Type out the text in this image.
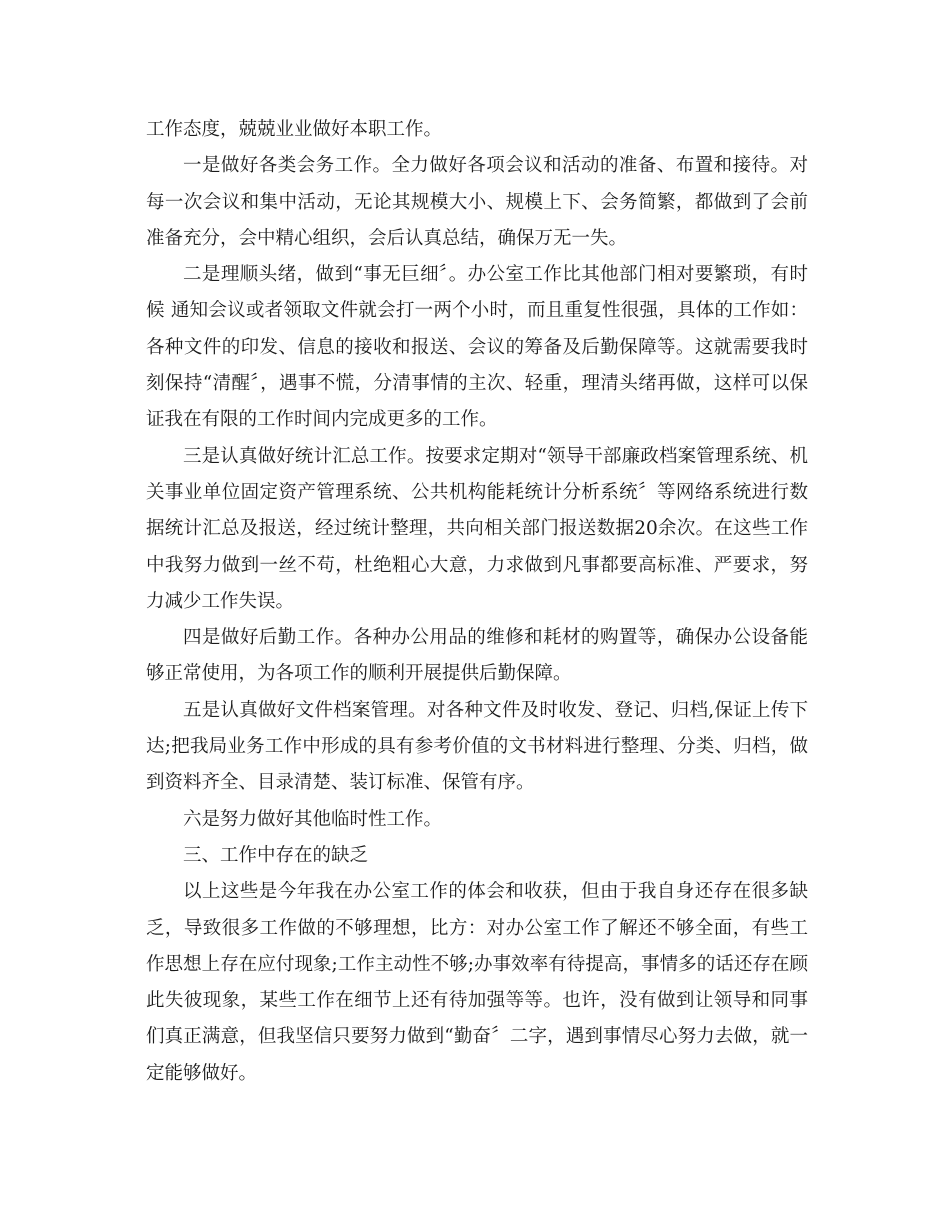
工作态度，兢兢业业做好本职工作。

一是做好各类会务工作。全力做好各项会议和活动的准备、布置和接待。对每一次会议和集中活动，无论其规模大小、规模上下、会务简繁，都做到了会前准备充分，会中精心组织，会后认真总结，确保万无一失。

二是理顺头绪，做到“事无巨细〞。办公室工作比其他部门相对要繁琐，有时候 通知会议或者领取文件就会打一两个小时，而且重复性很强，具体的工作如：各种文件的印发、信息的接收和报送、会议的筹备及后勤保障等。这就需要我时刻保持“清醒〞，遇事不慌，分清事情的主次、轻重，理清头绪再做，这样可以保证我在有限的工作时间内完成更多的工作。

三是认真做好统计汇总工作。按要求定期对“领导干部廉政档案管理系统、机关事业单位固定资产管理系统、公共机构能耗统计分析系统〞等网络系统进行数据统计汇总及报送，经过统计整理，共向相关部门报送数据20余次。在这些工作中我努力做到一丝不苟，杜绝粗心大意，力求做到凡事都要高标准、严要求，努力减少工作失误。

四是做好后勤工作。各种办公用品的维修和耗材的购置等，确保办公设备能够正常使用，为各项工作的顺利开展提供后勤保障。

五是认真做好文件档案管理。对各种文件及时收发、登记、归档,保证上传下达;把我局业务工作中形成的具有参考价值的文书材料进行整理、分类、归档，做到资料齐全、目录清楚、装订标准、保管有序。

六是努力做好其他临时性工作。

三、工作中存在的缺乏

以上这些是今年我在办公室工作的体会和收获，但由于我自身还存在很多缺乏，导致很多工作做的不够理想，比方：对办公室工作了解还不够全面，有些工作思想上存在应付现象;工作主动性不够;办事效率有待提高，事情多的话还存在顾此失彼现象，某些工作在细节上还有待加强等等。也许，没有做到让领导和同事们真正满意，但我坚信只要努力做到“勤奋〞二字，遇到事情尽心努力去做，就一定能够做好。
